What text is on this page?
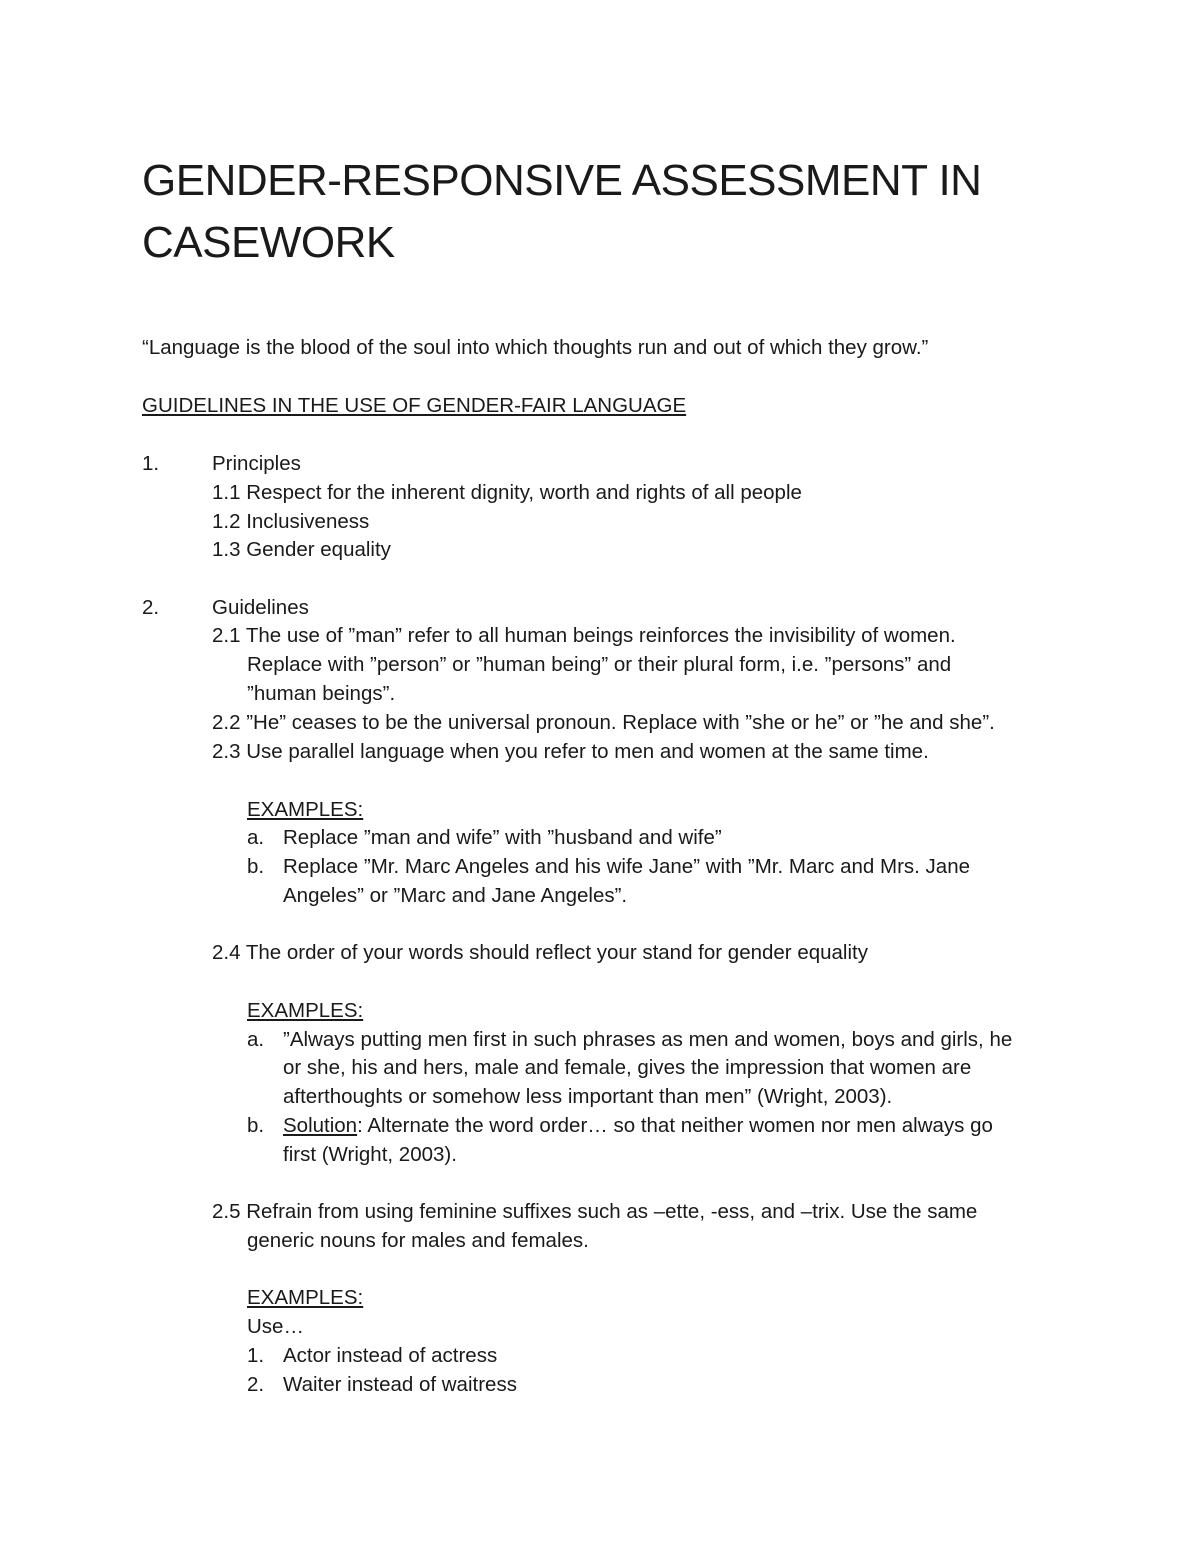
GENDER-RESPONSIVE ASSESSMENT IN CASEWORK
“Language is the blood of the soul into which thoughts run and out of which they grow.”
GUIDELINES IN THE USE OF GENDER-FAIR LANGUAGE
1.	Principles
1.1 Respect for the inherent dignity, worth and rights of all people
1.2 Inclusiveness
1.3 Gender equality
2.	Guidelines
2.1 The use of ”man” refer to all human beings reinforces the invisibility of women.
Replace with ”person” or ”human being” or their plural form, i.e. ”persons” and
”human beings”.
2.2 ”He” ceases to be the universal pronoun. Replace with ”she or he” or ”he and she”.
2.3 Use parallel language when you refer to men and women at the same time.
EXAMPLES:
a. Replace ”man and wife” with ”husband and wife”
b. Replace ”Mr. Marc Angeles and his wife Jane” with ”Mr. Marc and Mrs. Jane
Angeles” or ”Marc and Jane Angeles”.
2.4 The order of your words should reflect your stand for gender equality
EXAMPLES:
a. ”Always putting men first in such phrases as men and women, boys and girls, he
or she, his and hers, male and female, gives the impression that women are
afterthoughts or somehow less important than men” (Wright, 2003).
b. Solution: Alternate the word order… so that neither women nor men always go
first (Wright, 2003).
2.5 Refrain from using feminine suffixes such as –ette, -ess, and –trix. Use the same
generic nouns for males and females.
EXAMPLES:
Use…
1. Actor instead of actress
2. Waiter instead of waitress
